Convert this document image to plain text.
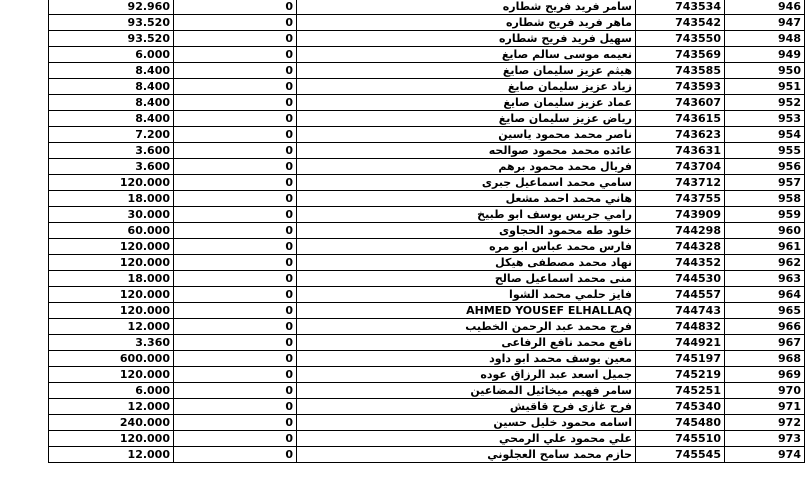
92.960	0	سامر فريد فريح شطاره	743534	946
93.520	0	ماهر فريد فريح شطاره	743542	947
93.520	0	سهيل فريد فريح شطاره	743550	948
6.000	0	نعيمه موسى سالم صايغ	743569	949
8.400	0	هيثم عزيز سليمان صايغ	743585	950
8.400	0	زياد عزيز سليمان صايغ	743593	951
8.400	0	عماد عزيز سليمان صايغ	743607	952
8.400	0	رياض عزيز سليمان صايغ	743615	953
7.200	0	ناصر محمد محمود ياسين	743623	954
3.600	0	عائده محمد محمود صوالحه	743631	955
3.600	0	فريال محمد محمود برهم	743704	956
120.000	0	سامي محمد اسماعيل جبرى	743712	957
18.000	0	هاني محمد احمد مشعل	743755	958
30.000	0	رامي جريس يوسف ابو طبيخ	743909	959
60.000	0	خلود طه محمود الحجاوى	744298	960
120.000	0	فارس محمد عباس ابو مره	744328	961
120.000	0	نهاد محمد مصطفى هيكل	744352	962
18.000	0	منى محمد اسماعيل صالح	744530	963
120.000	0	فايز حلمي محمد الشوا	744557	964
120.000	0	AHMED YOUSEF ELHALLAQ	744743	965
12.000	0	فرج محمد عبد الرحمن الخطيب	744832	966
3.360	0	نافع محمد نافع الرفاعى	744921	967
600.000	0	معين يوسف محمد ابو داود	745197	968
120.000	0	جميل اسعد عبد الرزاق عوده	745219	969
6.000	0	سامر فهيم ميخائيل المضاعين	745251	970
12.000	0	فرح غازى فرح قاقيش	745340	971
240.000	0	اسامه محمود خليل حسين	745480	972
120.000	0	علي محمود علي الرمحي	745510	973
12.000	0	حازم محمد سامح العجلوني	745545	974
